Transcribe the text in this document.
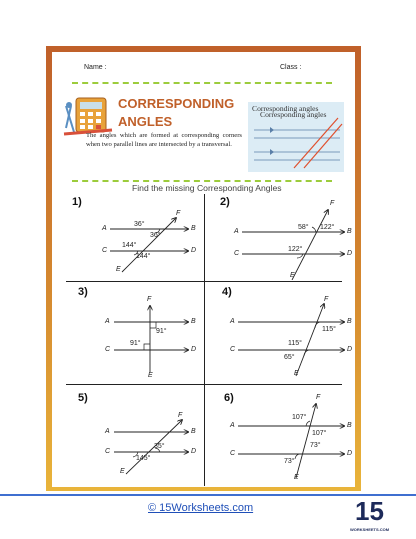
Name :	Class :
CORRESPONDING
ANGLES
The angles which are formed at corresponding corners when two parallel lines are intersected by a transversal.
Corresponding angles
Corresponding angles
Find the missing Corresponding Angles
1)
F
A	B
C	D
E
36°
36°
144°
144°
2)	F
A	B
C	D
E
58° 122°
122°
3)
F
A	B
C	D
E
91°
91°
4)
F
A	B
C	D
E
115°
115°
65°
5)
F
A	B
C	D
E
35°
145°
6)	F
A	B
C	D
E
107°
107°
73°
73°
© 15Worksheets.com	15
WORKSHEETS.COM
